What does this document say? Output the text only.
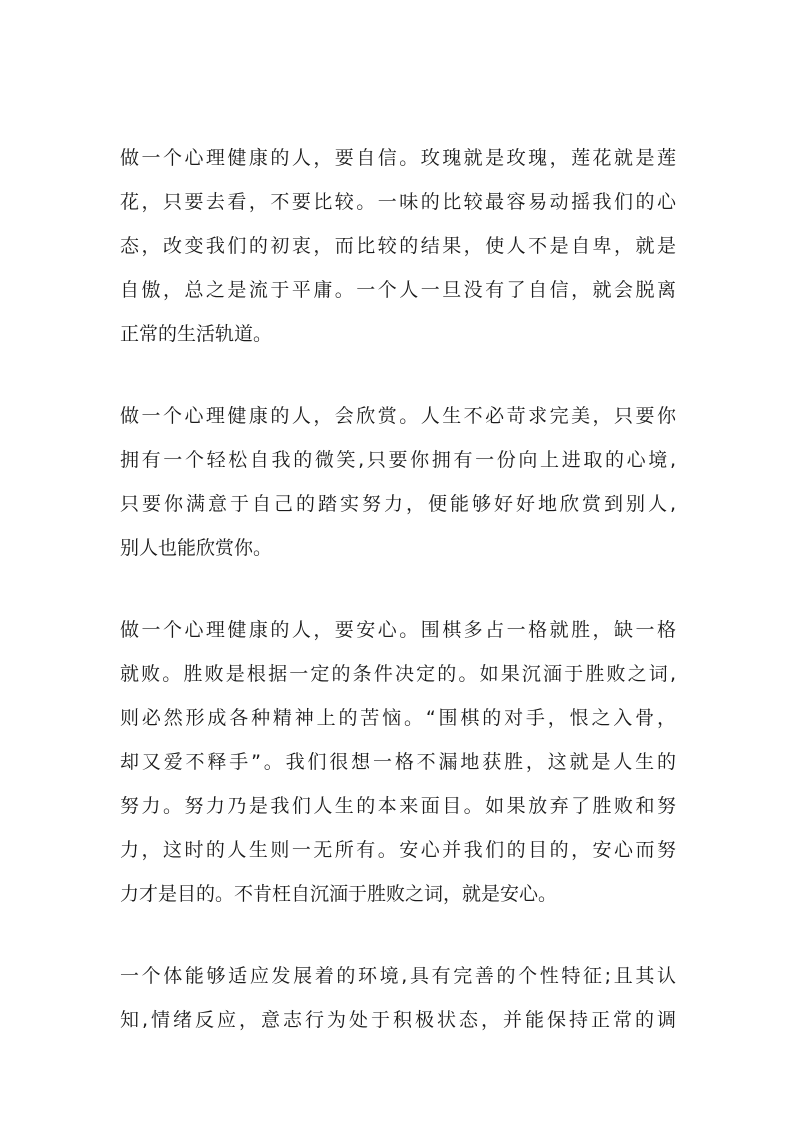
做一个心理健康的人，要自信。玫瑰就是玫瑰，莲花就是莲
花，只要去看，不要比较。一味的比较最容易动摇我们的心
态，改变我们的初衷，而比较的结果，使人不是自卑，就是
自傲，总之是流于平庸。一个人一旦没有了自信，就会脱离
正常的生活轨道。
做一个心理健康的人，会欣赏。人生不必苛求完美，只要你
拥有一个轻松自我的微笑,只要你拥有一份向上进取的心境,
只要你满意于自己的踏实努力，便能够好好地欣赏到别人,
别人也能欣赏你。
做一个心理健康的人，要安心。围棋多占一格就胜，缺一格
就败。胜败是根据一定的条件决定的。如果沉湎于胜败之词,
则必然形成各种精神上的苦恼。“围棋的对手，恨之入骨，
却又爱不释手”。我们很想一格不漏地获胜，这就是人生的
努力。努力乃是我们人生的本来面目。如果放弃了胜败和努
力，这时的人生则一无所有。安心并我们的目的，安心而努
力才是目的。不肯枉自沉湎于胜败之词，就是安心。
一个体能够适应发展着的环境,具有完善的个性特征;且其认
知,情绪反应，意志行为处于积极状态，并能保持正常的调
